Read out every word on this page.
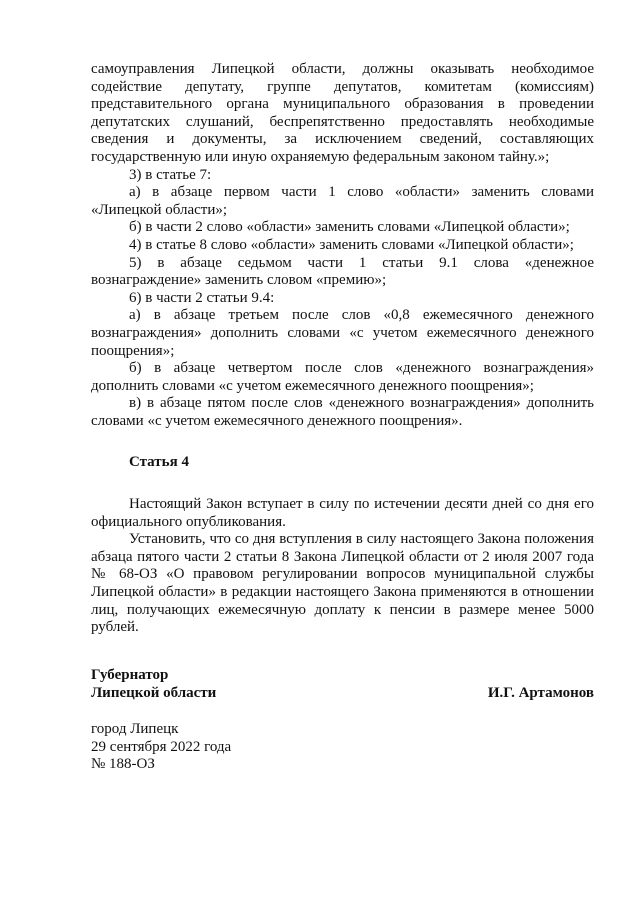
самоуправления Липецкой области, должны оказывать необходимое содействие депутату, группе депутатов, комитетам (комиссиям) представительного органа муниципального образования в проведении депутатских слушаний, беспрепятственно предоставлять необходимые сведения и документы, за исключением сведений, составляющих государственную или иную охраняемую федеральным законом тайну.»;

3) в статье 7:

а) в абзаце первом части 1 слово «области» заменить словами «Липецкой области»;

б) в части 2 слово «области» заменить словами «Липецкой области»;

4) в статье 8 слово «области» заменить словами «Липецкой области»;

5) в абзаце седьмом части 1 статьи 9.1 слова «денежное вознаграждение» заменить словом «премию»;

6) в части 2 статьи 9.4:

а) в абзаце третьем после слов «0,8 ежемесячного денежного вознаграждения» дополнить словами «с учетом ежемесячного денежного поощрения»;

б) в абзаце четвертом после слов «денежного вознаграждения» дополнить словами «с учетом ежемесячного денежного поощрения»;

в) в абзаце пятом после слов «денежного вознаграждения» дополнить словами «с учетом ежемесячного денежного поощрения».

Статья 4

Настоящий Закон вступает в силу по истечении десяти дней со дня его официального опубликования.

Установить, что со дня вступления в силу настоящего Закона положения абзаца пятого части 2 статьи 8 Закона Липецкой области от 2 июля 2007 года № 68-ОЗ «О правовом регулировании вопросов муниципальной службы Липецкой области» в редакции настоящего Закона применяются в отношении лиц, получающих ежемесячную доплату к пенсии в размере менее 5000 рублей.

Губернатор
Липецкой области	И.Г. Артамонов
город Липецк
29 сентября 2022 года
№ 188-ОЗ
